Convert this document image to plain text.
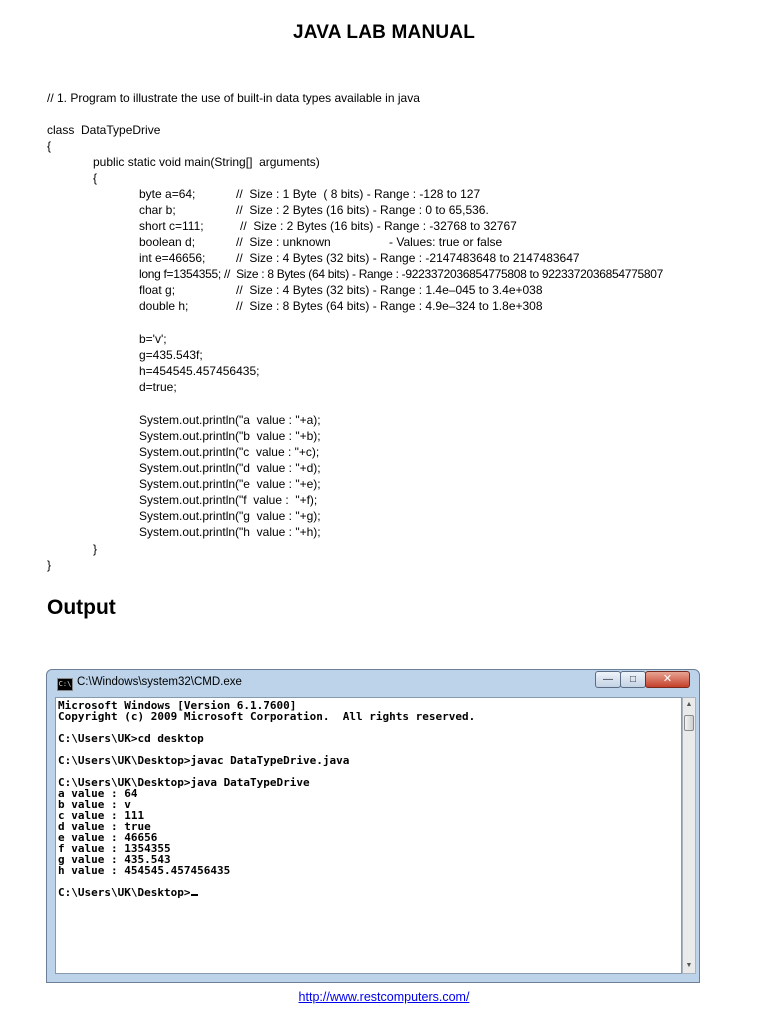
JAVA LAB MANUAL
// 1. Program to illustrate the use of built-in data types available in java
class  DataTypeDrive
{
public static void main(String[]  arguments)
{
byte a=64;	//  Size : 1 Byte  ( 8 bits) - Range : -128 to 127
char b;	//  Size : 2 Bytes (16 bits) - Range : 0 to 65,536.
short c=111;	//  Size : 2 Bytes (16 bits) - Range : -32768 to 32767
boolean d;	//  Size : unknown	- Values: true or false
int e=46656;	//  Size : 4 Bytes (32 bits) - Range : -2147483648 to 2147483647
long f=1354355; //  Size : 8 Bytes (64 bits) - Range : -9223372036854775808 to 9223372036854775807
float g;	//  Size : 4 Bytes (32 bits) - Range : 1.4e–045 to 3.4e+038
double h;	//  Size : 8 Bytes (64 bits) - Range : 4.9e–324 to 1.8e+308
b='v';
g=435.543f;
h=454545.457456435;
d=true;
System.out.println("a  value : "+a);
System.out.println("b  value : "+b);
System.out.println("c  value : "+c);
System.out.println("d  value : "+d);
System.out.println("e  value : "+e);
System.out.println("f  value :  "+f);
System.out.println("g  value : "+g);
System.out.println("h  value : "+h);
}
}
Output
C:\ C:\Windows\system32\CMD.exe	—	□	✕
Microsoft Windows [Version 6.1.7600]
Copyright (c) 2009 Microsoft Corporation.  All rights reserved.
C:\Users\UK>cd desktop
C:\Users\UK\Desktop>javac DataTypeDrive.java
C:\Users\UK\Desktop>java DataTypeDrive
a value : 64
b value : v
c value : 111
d value : true
e value : 46656
f value : 1354355
g value : 435.543
h value : 454545.457456435
C:\Users\UK\Desktop>
▲
▼
http://www.restcomputers.com/
